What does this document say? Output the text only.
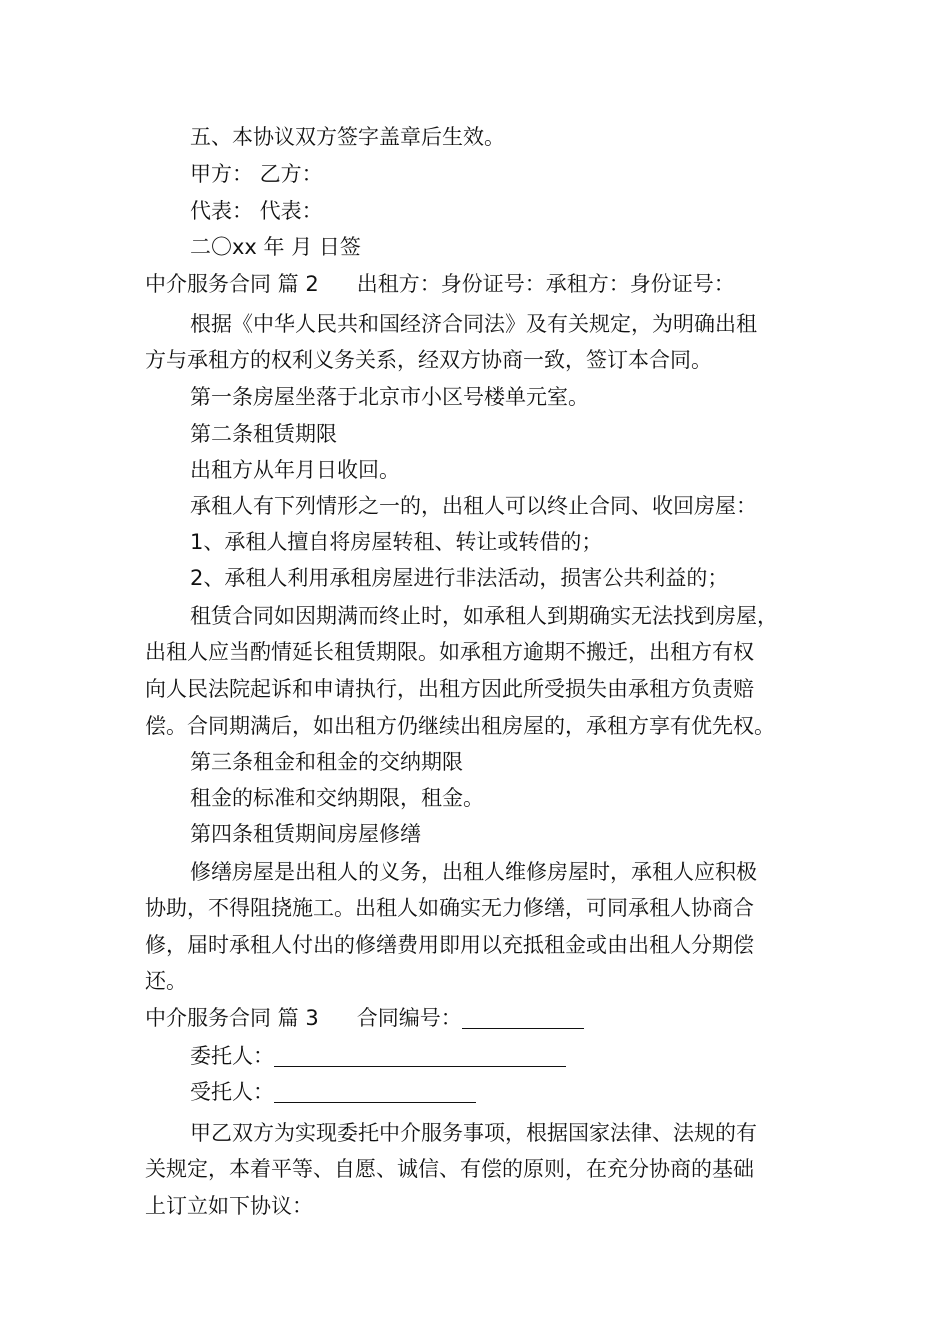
五、本协议双方签字盖章后生效。
甲方： 乙方：
代表： 代表：
二〇xx 年 月 日签
中介服务合同 篇 2 出租方：身份证号：承租方：身份证号：
根据《中华人民共和国经济合同法》及有关规定，为明确出租
方与承租方的权利义务关系，经双方协商一致，签订本合同。
第一条房屋坐落于北京市小区号楼单元室。
第二条租赁期限
出租方从年月日收回。
承租人有下列情形之一的，出租人可以终止合同、收回房屋：
1、承租人擅自将房屋转租、转让或转借的；
2、承租人利用承租房屋进行非法活动，损害公共利益的；
租赁合同如因期满而终止时，如承租人到期确实无法找到房屋，
出租人应当酌情延长租赁期限。如承租方逾期不搬迁，出租方有权
向人民法院起诉和申请执行，出租方因此所受损失由承租方负责赔
偿。合同期满后，如出租方仍继续出租房屋的，承租方享有优先权。
第三条租金和租金的交纳期限
租金的标准和交纳期限，租金。
第四条租赁期间房屋修缮
修缮房屋是出租人的义务，出租人维修房屋时，承租人应积极
协助，不得阻挠施工。出租人如确实无力修缮，可同承租人协商合
修，届时承租人付出的修缮费用即用以充抵租金或由出租人分期偿
还。
中介服务合同 篇 3 合同编号：
委托人：
受托人：
甲乙双方为实现委托中介服务事项，根据国家法律、法规的有
关规定，本着平等、自愿、诚信、有偿的原则，在充分协商的基础
上订立如下协议：
